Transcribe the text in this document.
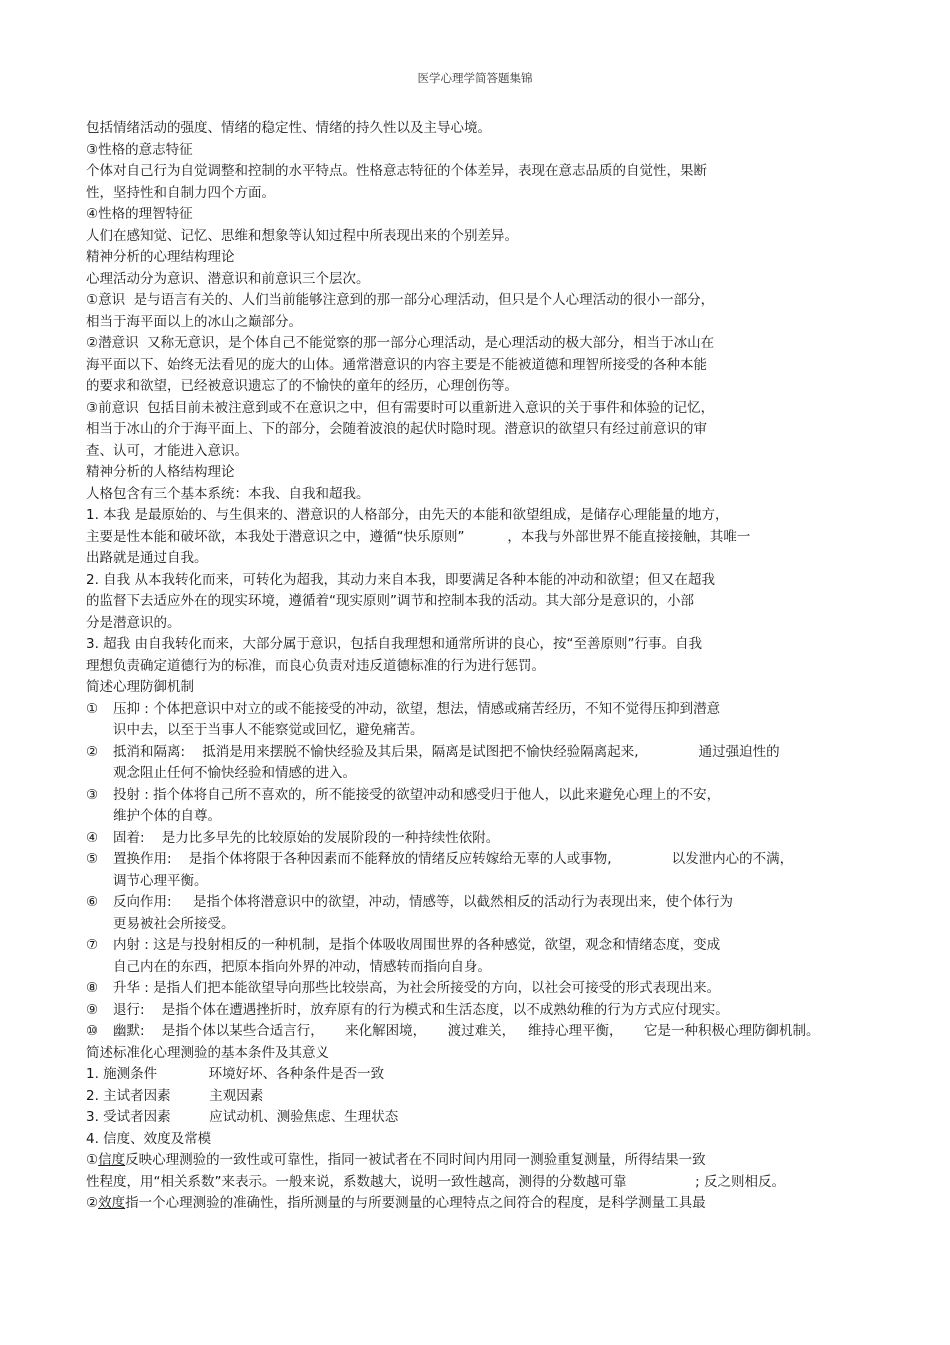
医学心理学简答题集锦
包括情绪活动的强度、情绪的稳定性、情绪的持久性以及主导心境。
③性格的意志特征
个体对自己行为自觉调整和控制的水平特点。性格意志特征的个体差异，表现在意志品质的自觉性，果断
性，坚持性和自制力四个方面。
④性格的理智特征
人们在感知觉、记忆、思维和想象等认知过程中所表现出来的个别差异。
精神分析的心理结构理论
心理活动分为意识、潜意识和前意识三个层次。
①意识  是与语言有关的、人们当前能够注意到的那一部分心理活动，但只是个人心理活动的很小一部分，
相当于海平面以上的冰山之巅部分。
②潜意识  又称无意识，是个体自己不能觉察的那一部分心理活动，是心理活动的极大部分，相当于冰山在
海平面以下、始终无法看见的庞大的山体。通常潜意识的内容主要是不能被道德和理智所接受的各种本能
的要求和欲望，已经被意识遗忘了的不愉快的童年的经历，心理创伤等。
③前意识  包括目前未被注意到或不在意识之中，但有需要时可以重新进入意识的关于事件和体验的记忆，
相当于冰山的介于海平面上、下的部分，会随着波浪的起伏时隐时现。潜意识的欲望只有经过前意识的审
查、认可，才能进入意识。
精神分析的人格结构理论
人格包含有三个基本系统：本我、自我和超我。
1. 本我 是最原始的、与生俱来的、潜意识的人格部分，由先天的本能和欲望组成，是储存心理能量的地方，
主要是性本能和破坏欲，本我处于潜意识之中，遵循“快乐原则”          ，本我与外部世界不能直接接触，其唯一
出路就是通过自我。
2. 自我 从本我转化而来，可转化为超我，其动力来自本我，即要满足各种本能的冲动和欲望；但又在超我
的监督下去适应外在的现实环境，遵循着“现实原则”调节和控制本我的活动。其大部分是意识的，小部
分是潜意识的。
3. 超我 由自我转化而来，大部分属于意识，包括自我理想和通常所讲的良心，按“至善原则”行事。自我
理想负责确定道德行为的标准，而良心负责对违反道德标准的行为进行惩罚。
简述心理防御机制
①	压抑 : 个体把意识中对立的或不能接受的冲动，欲望，想法，情感或痛苦经历，不知不觉得压抑到潜意
识中去，以至于当事人不能察觉或回忆，避免痛苦。
②	抵消和隔离:    抵消是用来摆脱不愉快经验及其后果，隔离是试图把不愉快经验隔离起来,              通过强迫性的
观念阻止任何不愉快经验和情感的进入。
③	投射 : 指个体将自己所不喜欢的，所不能接受的欲望冲动和感受归于他人，以此来避免心理上的不安，
维护个体的自尊。
④	固着:    是力比多早先的比较原始的发展阶段的一种持续性依附。
⑤	置换作用:    是指个体将限于各种因素而不能释放的情绪反应转嫁给无辜的人或事物,              以发泄内心的不满，
调节心理平衡。
⑥	反向作用:     是指个体将潜意识中的欲望，冲动，情感等，以截然相反的活动行为表现出来，使个体行为
更易被社会所接受。
⑦	内射 : 这是与投射相反的一种机制，是指个体吸收周围世界的各种感觉，欲望，观念和情绪态度，变成
自己内在的东西，把原本指向外界的冲动，情感转而指向自身。
⑧	升华 : 是指人们把本能欲望导向那些比较崇高，为社会所接受的方向，以社会可接受的形式表现出来。
⑨	退行:    是指个体在遭遇挫折时，放弃原有的行为模式和生活态度，以不成熟幼稚的行为方式应付现实。
⑩	幽默:    是指个体以某些合适言行，     来化解困境，     渡过难关，   维持心理平衡，     它是一种积极心理防御机制。
简述标准化心理测验的基本条件及其意义
1. 施测条件            环境好坏、各种条件是否一致
2. 主试者因素         主观因素
3. 受试者因素         应试动机、测验焦虑、生理状态
4. 信度、效度及常模
①信度反映心理测验的一致性或可靠性，指同一被试者在不同时间内用同一测验重复测量，所得结果一致
性程度，用“相关系数”来表示。一般来说，系数越大，说明一致性越高，测得的分数越可靠                ; 反之则相反。
②效度指一个心理测验的准确性，指所测量的与所要测量的心理特点之间符合的程度，是科学测量工具最
